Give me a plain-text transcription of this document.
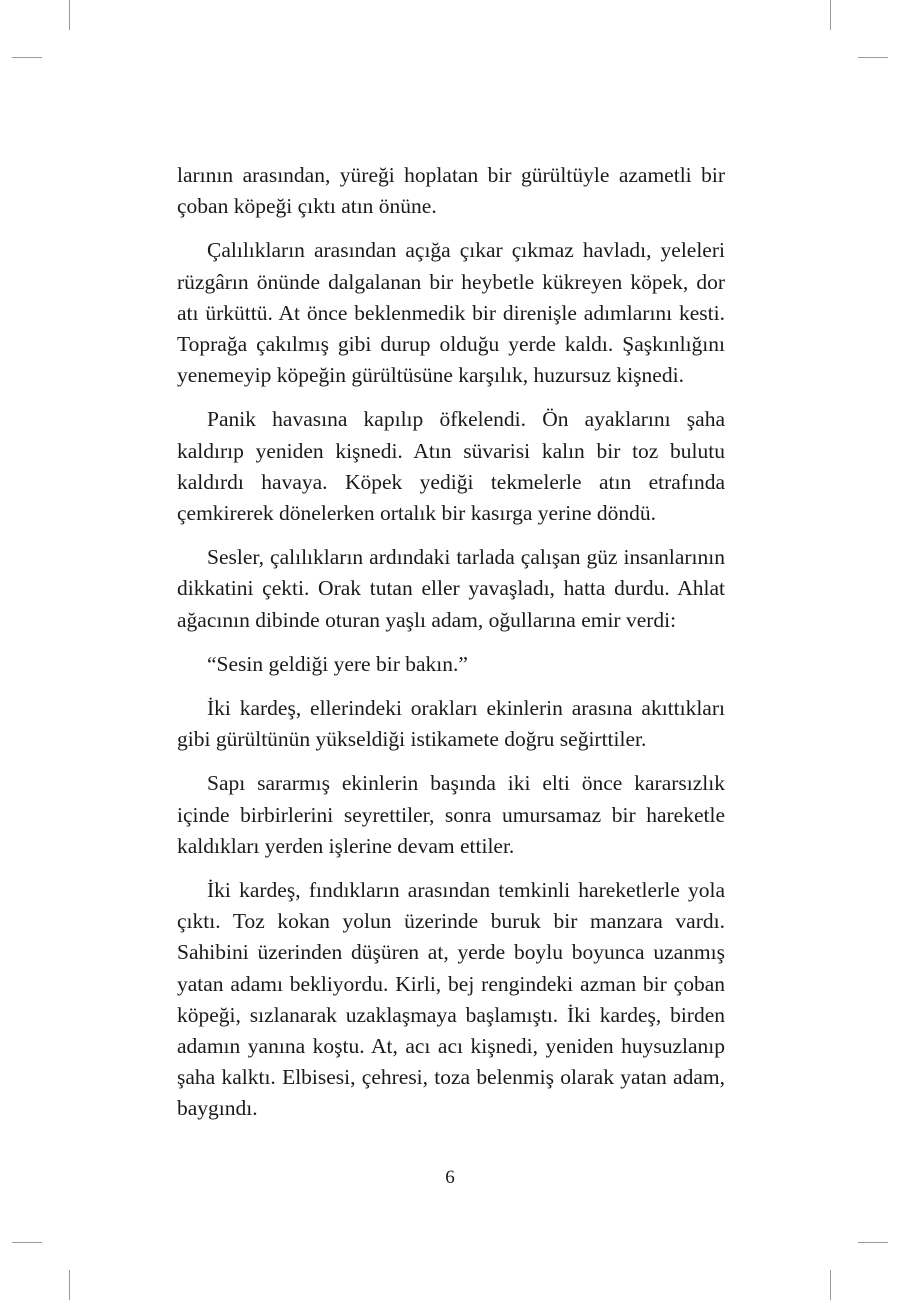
larının arasından, yüreği hoplatan bir gürültüyle azametli bir çoban köpeği çıktı atın önüne.

Çalılıkların arasından açığa çıkar çıkmaz havladı, yeleleri rüzgârın önünde dalgalanan bir heybetle kükreyen köpek, dor atı ürküttü. At önce beklenmedik bir direnişle adımlarını kesti. Toprağa çakılmış gibi durup olduğu yerde kaldı. Şaşkınlığını yenemeyip köpeğin gürültüsüne karşılık, huzursuz kişnedi.

Panik havasına kapılıp öfkelendi. Ön ayaklarını şaha kaldırıp yeniden kişnedi. Atın süvarisi kalın bir toz bulutu kaldırdı havaya. Köpek yediği tekmelerle atın etrafında çemkirerek dönelerken ortalık bir kasırga yerine döndü.

Sesler, çalılıkların ardındaki tarlada çalışan güz insanlarının dikkatini çekti. Orak tutan eller yavaşladı, hatta durdu. Ahlat ağacının dibinde oturan yaşlı adam, oğullarına emir verdi:

“Sesin geldiği yere bir bakın.”

İki kardeş, ellerindeki orakları ekinlerin arasına akıttıkları gibi gürültünün yükseldiği istikamete doğru seğirttiler.

Sapı sararmış ekinlerin başında iki elti önce kararsızlık içinde birbirlerini seyrettiler, sonra umursamaz bir hareketle kaldıkları yerden işlerine devam ettiler.

İki kardeş, fındıkların arasından temkinli hareketlerle yola çıktı. Toz kokan yolun üzerinde buruk bir manzara vardı. Sahibini üzerinden düşüren at, yerde boylu boyunca uzanmış yatan adamı bekliyordu. Kirli, bej rengindeki azman bir çoban köpeği, sızlanarak uzaklaşmaya başlamıştı. İki kardeş, birden adamın yanına koştu. At, acı acı kişnedi, yeniden huysuzlanıp şaha kalktı. Elbisesi, çehresi, toza belenmiş olarak yatan adam, baygındı.

6
